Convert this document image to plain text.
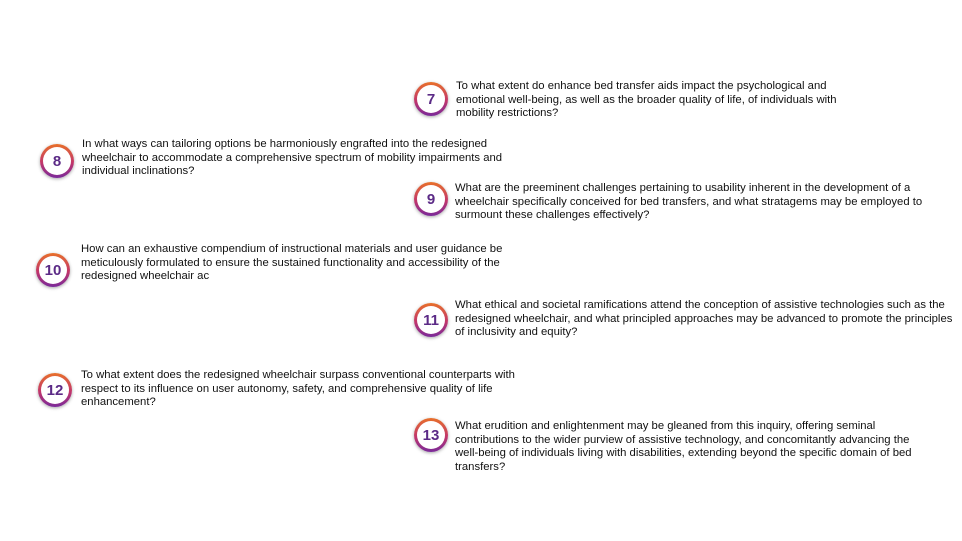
7
To what extent do enhance bed transfer aids impact the psychological and emotional well-being, as well as the broader quality of life, of individuals with mobility restrictions?
8
In what ways can tailoring options be harmoniously engrafted into the redesigned wheelchair to accommodate a comprehensive spectrum of mobility impairments and individual inclinations?
9
What are the preeminent challenges pertaining to usability inherent in the development of a wheelchair specifically conceived for bed transfers, and what stratagems may be employed to surmount these challenges effectively?
10
How can an exhaustive compendium of instructional materials and user guidance be meticulously formulated to ensure the sustained functionality and accessibility of the redesigned wheelchair ac
11
What ethical and societal ramifications attend the conception of assistive technologies such as the redesigned wheelchair, and what principled approaches may be advanced to promote the principles of inclusivity and equity?
12
To what extent does the redesigned wheelchair surpass conventional counterparts with respect to its influence on user autonomy, safety, and comprehensive quality of life enhancement?
13
What erudition and enlightenment may be gleaned from this inquiry, offering seminal contributions to the wider purview of assistive technology, and concomitantly advancing the well-being of individuals living with disabilities, extending beyond the specific domain of bed transfers?
